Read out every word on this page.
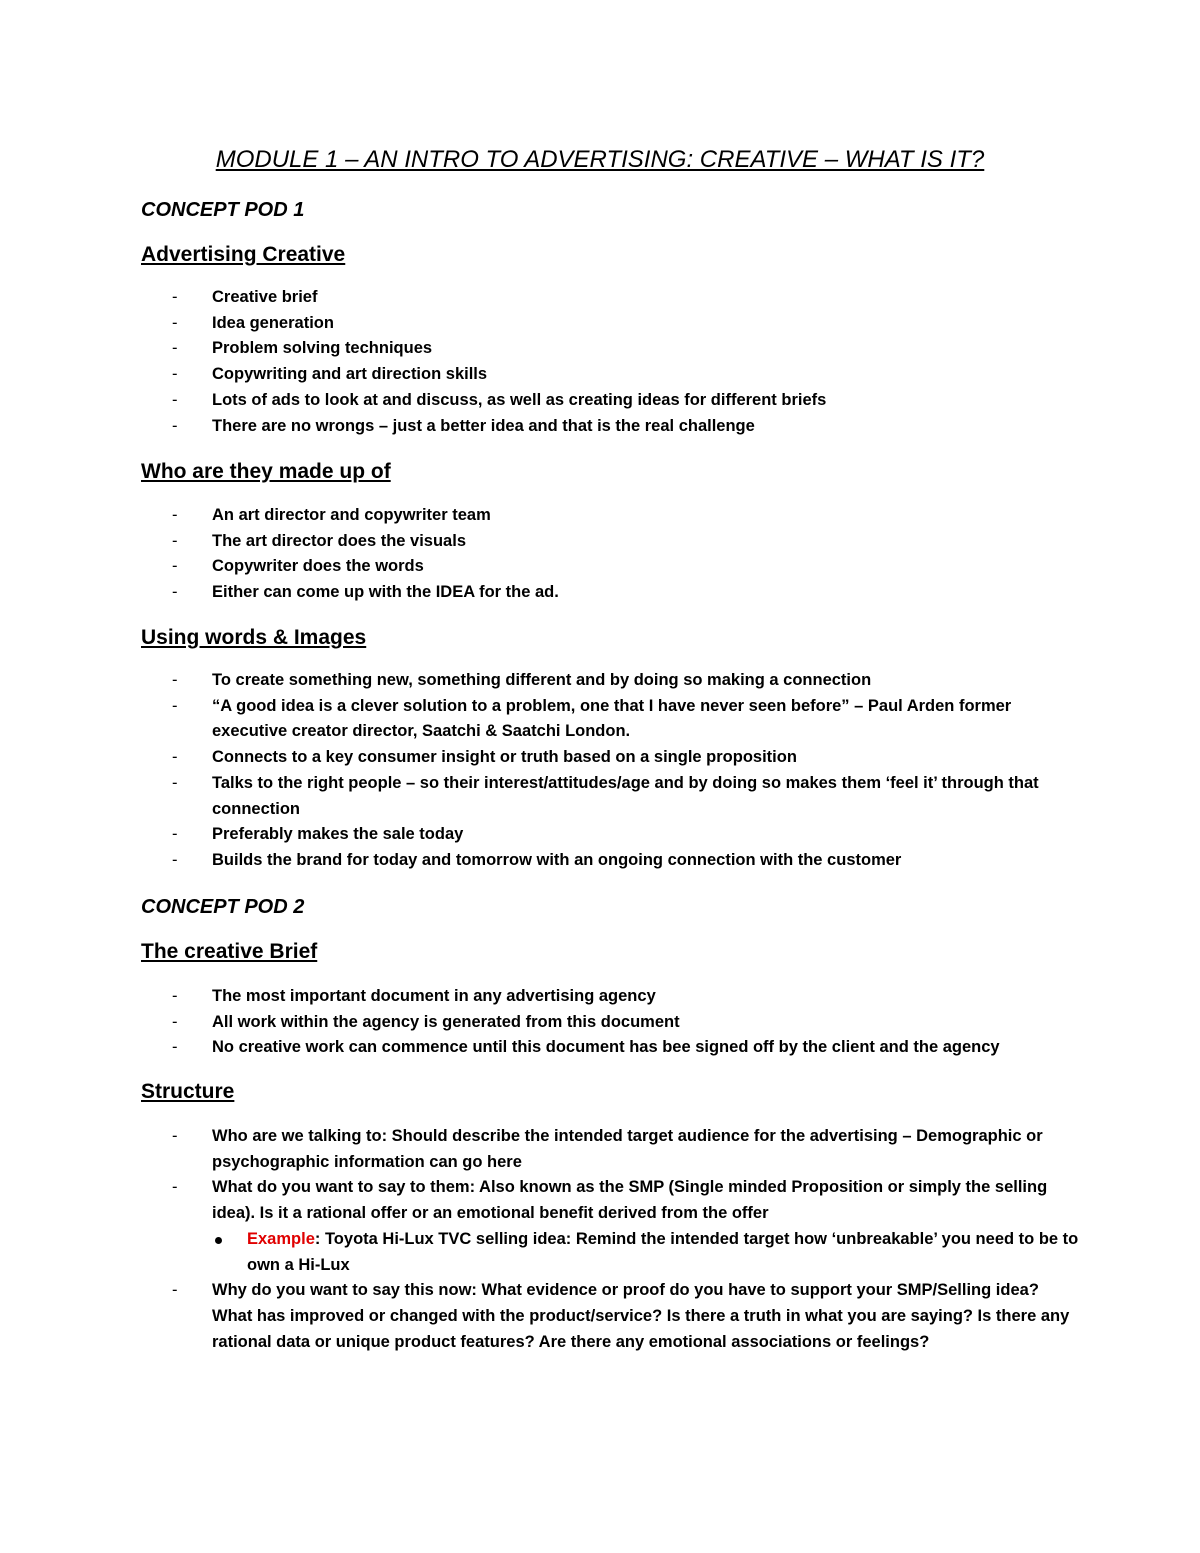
MODULE 1 – AN INTRO TO ADVERTISING: CREATIVE – WHAT IS IT?
CONCEPT POD 1
Advertising Creative
- Creative brief
- Idea generation
- Problem solving techniques
- Copywriting and art direction skills
- Lots of ads to look at and discuss, as well as creating ideas for different briefs
- There are no wrongs – just a better idea and that is the real challenge
Who are they made up of
- An art director and copywriter team
- The art director does the visuals
- Copywriter does the words
- Either can come up with the IDEA for the ad.
Using words & Images
- To create something new, something different and by doing so making a connection
- “A good idea is a clever solution to a problem, one that I have never seen before” – Paul Arden former executive creator director, Saatchi & Saatchi London.
- Connects to a key consumer insight or truth based on a single proposition
- Talks to the right people – so their interest/attitudes/age and by doing so makes them ‘feel it’ through that connection
- Preferably makes the sale today
- Builds the brand for today and tomorrow with an ongoing connection with the customer
CONCEPT POD 2
The creative Brief
- The most important document in any advertising agency
- All work within the agency is generated from this document
- No creative work can commence until this document has bee signed off by the client and the agency
Structure
- Who are we talking to: Should describe the intended target audience for the advertising – Demographic or psychographic information can go here
- What do you want to say to them: Also known as the SMP (Single minded Proposition or simply the selling idea). Is it a rational offer or an emotional benefit derived from the offer
Example: Toyota Hi-Lux TVC selling idea: Remind the intended target how ‘unbreakable’ you need to be to own a Hi-Lux
- Why do you want to say this now: What evidence or proof do you have to support your SMP/Selling idea? What has improved or changed with the product/service? Is there a truth in what you are saying? Is there any rational data or unique product features? Are there any emotional associations or feelings?
